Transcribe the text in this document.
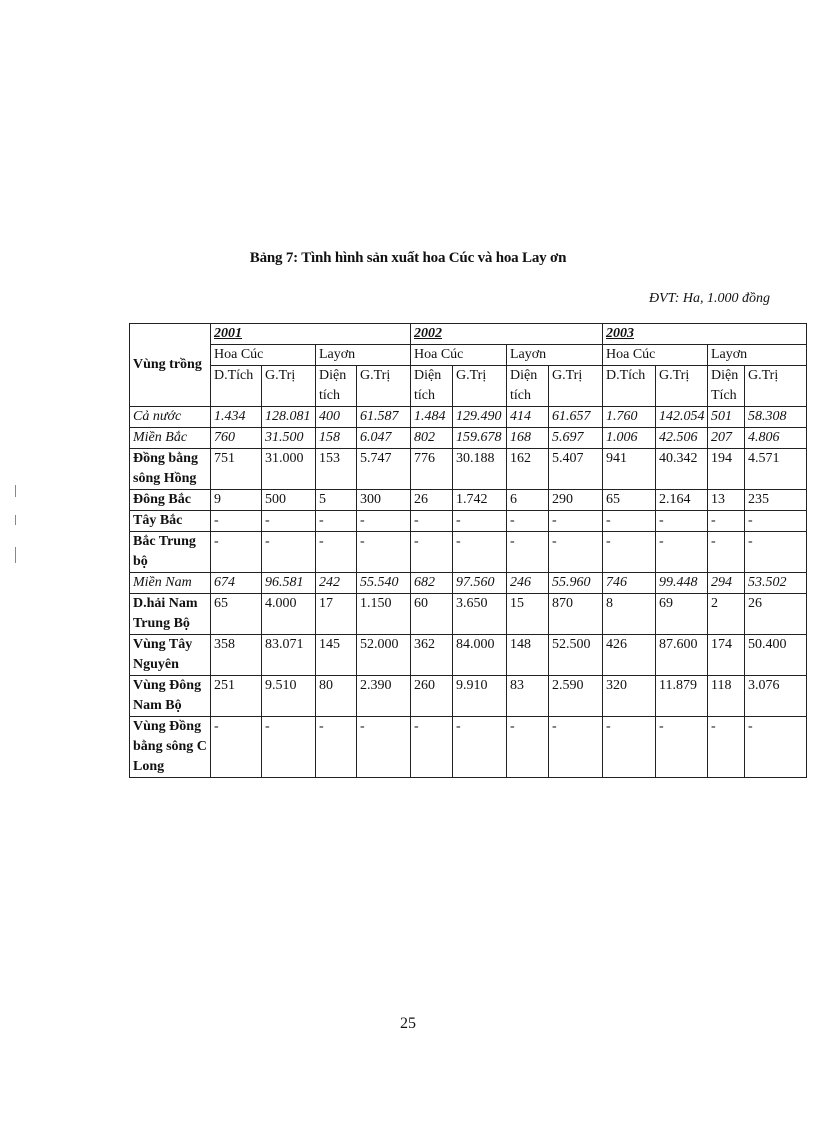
Bảng 7: Tình hình sản xuất hoa Cúc và hoa Lay ơn
ĐVT: Ha, 1.000 đồng
Vùng trồng	2001				2002				2003			
	Hoa Cúc		Layơn		Hoa Cúc		Layơn		Hoa Cúc		Layơn	
	D.Tích	G.Trị	Diện tích	G.Trị	Diện tích	G.Trị	Diện tích	G.Trị	D.Tích	G.Trị	Diện Tích	G.Trị
Cả nước	1.434	128.081	400	61.587	1.484	129.490	414	61.657	1.760	142.054	501	58.308
Miền Bắc	760	31.500	158	6.047	802	159.678	168	5.697	1.006	42.506	207	4.806
Đồng bằng sông Hồng	751	31.000	153	5.747	776	30.188	162	5.407	941	40.342	194	4.571
Đông Bắc	9	500	5	300	26	1.742	6	290	65	2.164	13	235
Tây Bắc	-	-	-	-	-	-	-	-	-	-	-	-
Bắc Trung bộ	-	-	-	-	-	-	-	-	-	-	-	-
Miền Nam	674	96.581	242	55.540	682	97.560	246	55.960	746	99.448	294	53.502
D.hải Nam Trung Bộ	65	4.000	17	1.150	60	3.650	15	870	8	69	2	26
Vùng Tây Nguyên	358	83.071	145	52.000	362	84.000	148	52.500	426	87.600	174	50.400
Vùng Đông Nam Bộ	251	9.510	80	2.390	260	9.910	83	2.590	320	11.879	118	3.076
Vùng Đồng bằng sông C Long	-	-	-	-	-	-	-	-	-	-	-	-
25
